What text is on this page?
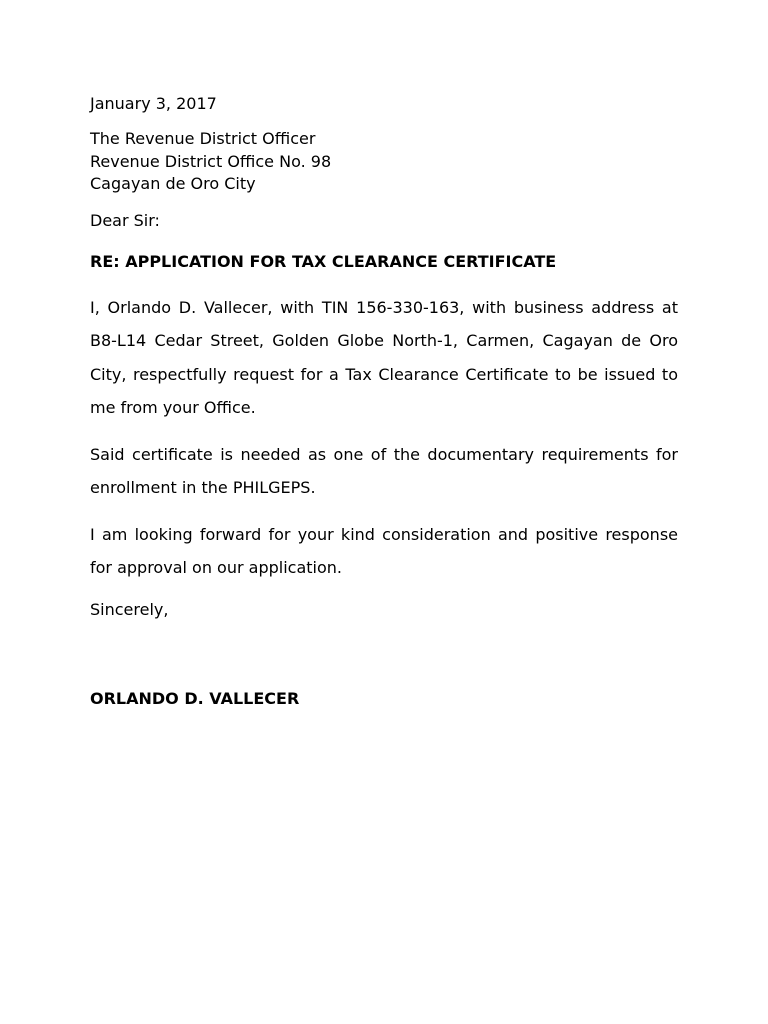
January 3, 2017
The Revenue District Officer
Revenue District Office No. 98
Cagayan de Oro City
Dear Sir:
RE: APPLICATION FOR TAX CLEARANCE CERTIFICATE

I, Orlando D. Vallecer, with TIN 156-330-163, with business address at B8-L14 Cedar Street, Golden Globe North-1, Carmen, Cagayan de Oro City, respectfully request for a Tax Clearance Certificate to be issued to me from your Office.

Said certificate is needed as one of the documentary requirements for enrollment in the PHILGEPS.

I am looking forward for your kind consideration and positive response for approval on our application.

Sincerely,
ORLANDO D. VALLECER
